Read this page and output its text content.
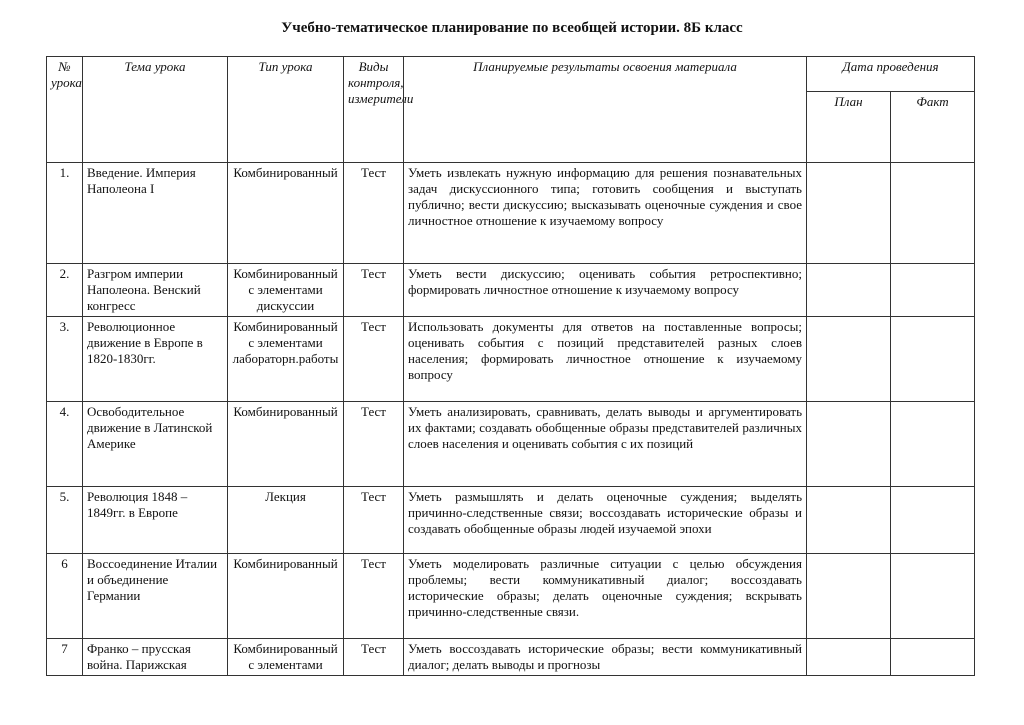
Учебно-тематическое планирование по всеобщей истории. 8Б класс
№ урока	Тема урока	Тип урока	Виды контроля, измерители	Планируемые результаты освоения материала	Дата проведения	
					План	Факт
1.	Введение. Империя Наполеона I	Комбинированный	Тест	Уметь извлекать нужную информацию для решения познавательных задач дискуссионного типа; готовить сообщения и выступать публично; вести дискуссию; высказывать оценочные суждения и свое личностное отношение к изучаемому вопросу		
2.	Разгром империи Наполеона. Венский конгресс	Комбинированный с элементами дискуссии	Тест	Уметь вести дискуссию; оценивать события ретроспективно; формировать личностное отношение к изучаемому вопросу		
3.	Революционное движение в Европе в 1820-1830гг.	Комбинированный с элементами лабораторн.работы	Тест	Использовать документы для ответов на поставленные вопросы; оценивать события с позиций представителей разных слоев населения; формировать личностное отношение к изучаемому вопросу		
4.	Освободительное движение в Латинской Америке	Комбинированный	Тест	Уметь анализировать, сравнивать, делать выводы и аргументировать их фактами; создавать обобщенные образы представителей различных слоев населения и оценивать события с их позиций		
5.	Революция 1848 – 1849гг. в Европе	Лекция	Тест	Уметь размышлять и делать оценочные суждения; выделять причинно-следственные связи; воссоздавать исторические образы и создавать обобщенные образы людей изучаемой эпохи		
6	Воссоединение Италии и объединение Германии	Комбинированный	Тест	Уметь моделировать различные ситуации с целью обсуждения проблемы; вести коммуникативный диалог; воссоздавать исторические образы; делать оценочные суждения; вскрывать причинно-следственные связи.		
7	Франко – прусская война. Парижская	Комбинированный с элементами	Тест	Уметь воссоздавать исторические образы; вести коммуникативный диалог; делать выводы и прогнозы		
